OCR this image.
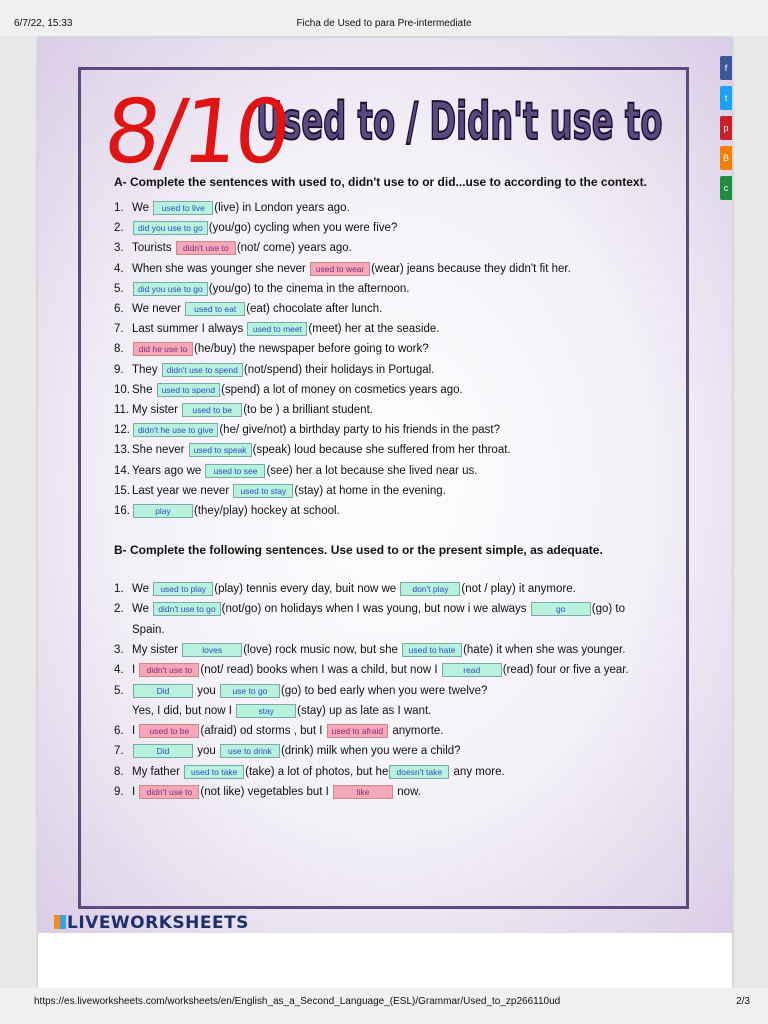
6/7/22, 15:33	Ficha de Used to para Pre-intermediate
Used to / Didn't use to
8/10
A- Complete the sentences with used to, didn't use to or did...use to according to the context.
1. We used to live (live) in London years ago.
2. did you use to go (you/go) cycling when you were five?
3. Tourists didn't use to (not/ come) years ago.
4. When she was younger she never used to wear (wear) jeans because they didn't fit her.
5. did you use to go (you/go) to the cinema in the afternoon.
6. We never used to eat (eat) chocolate after lunch.
7. Last summer I always used to meet (meet) her at the seaside.
8. did he use to (he/buy) the newspaper before going to work?
9. They didn't use to spend (not/spend) their holidays in Portugal.
10. She used to spend (spend) a lot of money on cosmetics years ago.
11. My sister used to be (to be ) a brilliant student.
12. didn't he use to give (he/ give/not) a birthday party to his friends in the past?
13. She never used to speak (speak) loud because she suffered from her throat.
14. Years ago we used to see (see) her a lot because she lived near us.
15. Last year we never used to stay (stay) at home in the evening.
16.	play (they/play) hockey at school.
B- Complete the following sentences. Use used to or the present simple, as adequate.
1. We used to play (play) tennis every day, buit now we don't play (not / play) it anymore.
2. We didn't use to go (not/go) on holidays when I was young, but now i we always	go (go) to
Spain.
3. My sister loves (love) rock music now, but she used to hate (hate) it when she was younger.
4. I didn't use to (not/ read) books when I was a child, but now I	read (read) four or five a year.
5.	Did you use to go (go) to bed early when you were twelve?
Yes, I did, but now I	stay (stay) up as late as I want.
6. I used to be (afraid) od storms , but I used to afraid anymorte.
7.	Did you use to drink (drink) milk when you were a child?
8. My father used to take (take) a lot of photos, but he doesn't take any more.
9. I didn't use to (not like) vegetables but I	like now.
LIVEWORKSHEETS
f
t
p
B
c
https://es.liveworksheets.com/worksheets/en/English_as_a_Second_Language_(ESL)/Grammar/Used_to_zp266110ud	2/3
